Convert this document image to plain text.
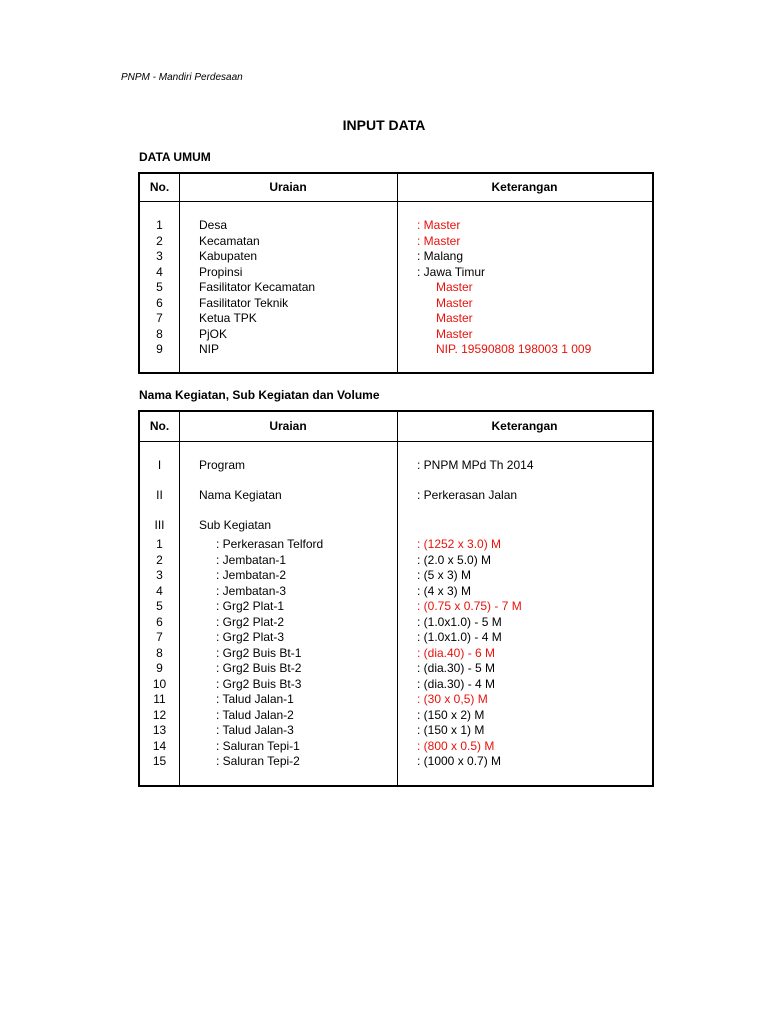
PNPM - Mandiri Perdesaan
INPUT DATA
DATA UMUM
No.	Uraian	Keterangan
1	Desa	: Master
2	Kecamatan	: Master
3	Kabupaten	: Malang
4	Propinsi	: Jawa Timur
5	Fasilitator Kecamatan	Master
6	Fasilitator Teknik	Master
7	Ketua TPK	Master
8	PjOK	Master
9	NIP	NIP. 19590808 198003 1 009
Nama Kegiatan, Sub Kegiatan dan Volume
No.	Uraian	Keterangan
I	Program	: PNPM MPd Th 2014
II	Nama Kegiatan	: Perkerasan Jalan
III	Sub Kegiatan
1	: Perkerasan Telford	: (1252 x 3.0) M
2	: Jembatan-1	: (2.0 x 5.0) M
3	: Jembatan-2	: (5 x 3) M
4	: Jembatan-3	: (4 x 3) M
5	: Grg2 Plat-1	: (0.75 x 0.75) - 7 M
6	: Grg2 Plat-2	: (1.0x1.0) - 5 M
7	: Grg2 Plat-3	: (1.0x1.0) - 4 M
8	: Grg2 Buis Bt-1	: (dia.40) - 6 M
9	: Grg2 Buis Bt-2	: (dia.30) - 5 M
10	: Grg2 Buis Bt-3	: (dia.30) - 4 M
11	: Talud Jalan-1	: (30 x 0,5) M
12	: Talud Jalan-2	: (150 x 2) M
13	: Talud Jalan-3	: (150 x 1) M
14	: Saluran Tepi-1	: (800 x 0.5) M
15	: Saluran Tepi-2	: (1000 x 0.7) M
